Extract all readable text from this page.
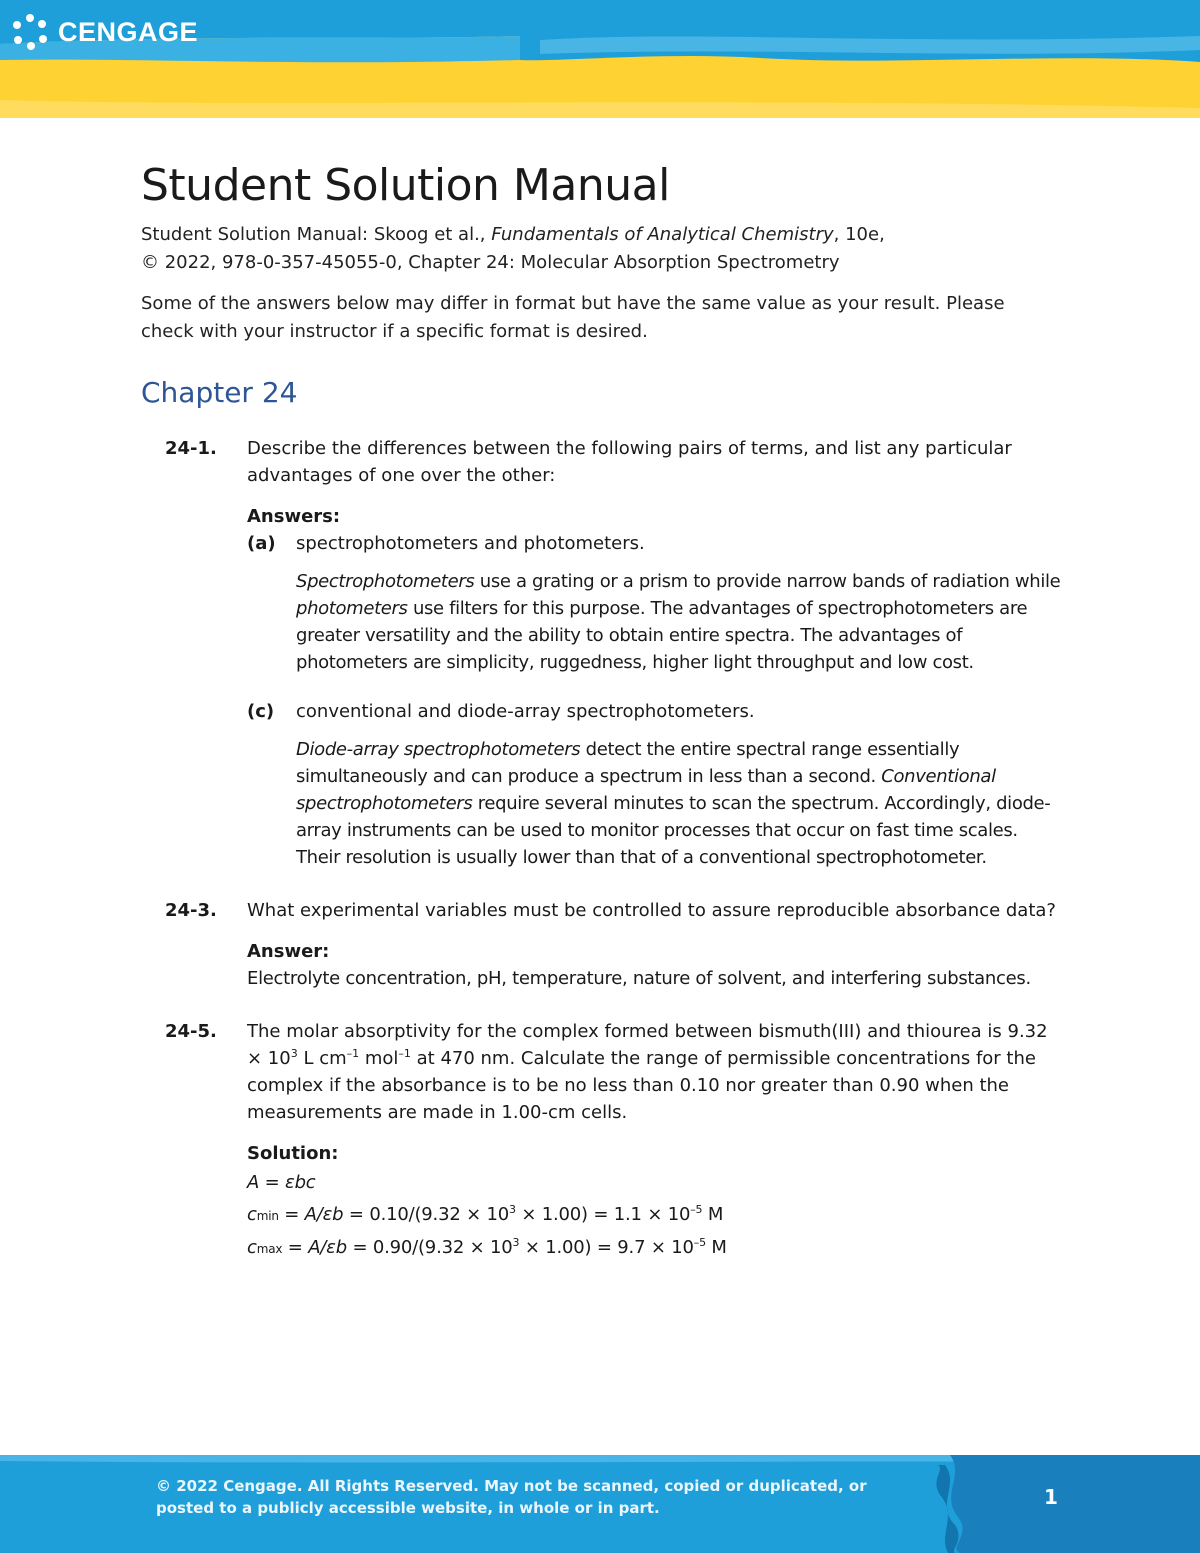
CENGAGE
Student Solution Manual
Student Solution Manual: Skoog et al., Fundamentals of Analytical Chemistry, 10e,
© 2022, 978-0-357-45055-0, Chapter 24: Molecular Absorption Spectrometry
Some of the answers below may differ in format but have the same value as your result. Please check with your instructor if a specific format is desired.
Chapter 24
24-1. Describe the differences between the following pairs of terms, and list any particular advantages of one over the other:
Answers:
(a) spectrophotometers and photometers.
Spectrophotometers use a grating or a prism to provide narrow bands of radiation while photometers use filters for this purpose. The advantages of spectrophotometers are greater versatility and the ability to obtain entire spectra. The advantages of photometers are simplicity, ruggedness, higher light throughput and low cost.
(c) conventional and diode-array spectrophotometers.
Diode-array spectrophotometers detect the entire spectral range essentially simultaneously and can produce a spectrum in less than a second. Conventional spectrophotometers require several minutes to scan the spectrum. Accordingly, diode-array instruments can be used to monitor processes that occur on fast time scales. Their resolution is usually lower than that of a conventional spectrophotometer.
24-3. What experimental variables must be controlled to assure reproducible absorbance data?
Answer:
Electrolyte concentration, pH, temperature, nature of solvent, and interfering substances.
24-5. The molar absorptivity for the complex formed between bismuth(III) and thiourea is $9.32 \times 10^3$ L $cm^{-1}$ mol$^{-1}$ at 470 nm. Calculate the range of permissible concentrations for the complex if the absorbance is to be no less than 0.10 nor greater than 0.90 when the measurements are made in 1.00-cm cells.
Solution:
A = εbc
$cmin = A/\varepsilon b = 0.10/(9.32 \times 10^3 \times 1.00) = 1.1 \times 10^{-5}$ M
$cmax = A/\varepsilon b = 0.90/(9.32 \times 10^3 \times 1.00) = 9.7 \times 10^{-5}$ M
© 2022 Cengage. All Rights Reserved. May not be scanned, copied or duplicated, or posted to a publicly accessible website, in whole or in part.	1
